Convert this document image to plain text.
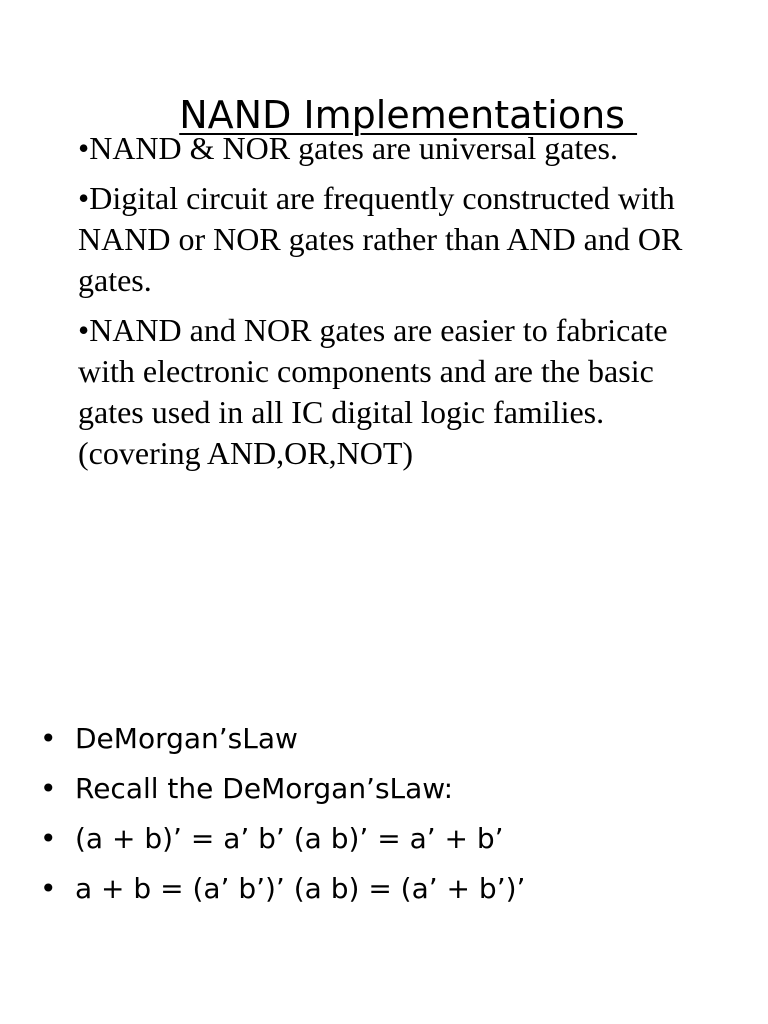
NAND Implementations

•NAND & NOR gates are universal gates.

•Digital circuit are frequently constructed with NAND or NOR gates rather than AND and OR gates.

•NAND and NOR gates are easier to fabricate with electronic components and are the basic gates used in all IC digital logic families.(covering AND,OR,NOT)

• DeMorgan’sLaw
• Recall the DeMorgan’sLaw:
• (a + b)’ = a’ b’ (a b)’ = a’ + b’
• a + b = (a’ b’)’ (a b) = (a’ + b’)’
